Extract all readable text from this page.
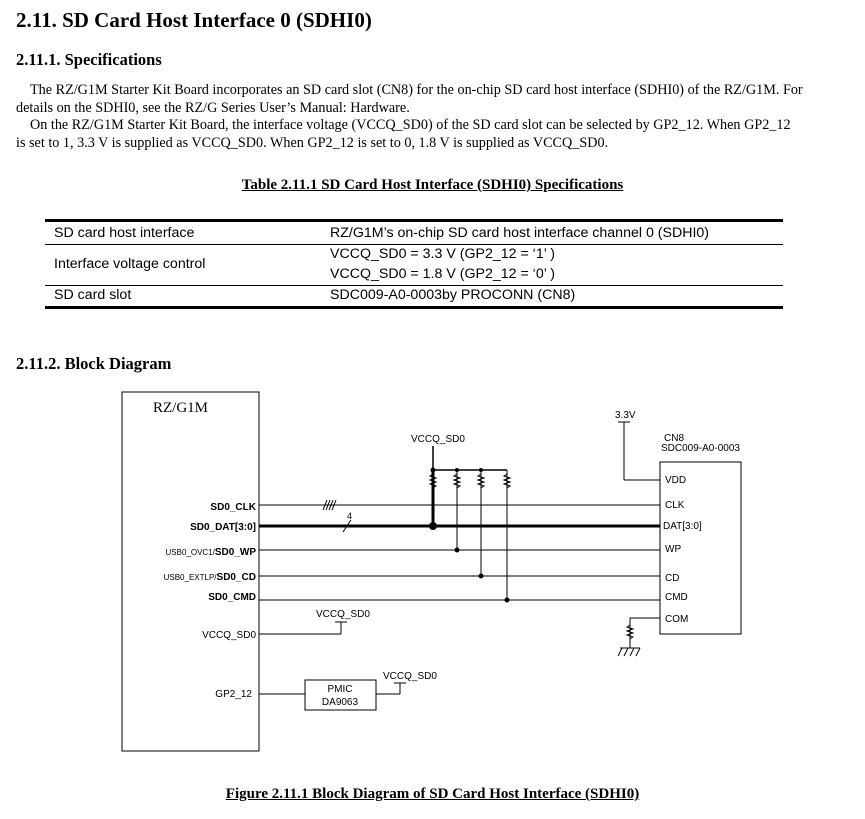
2.11. SD Card Host Interface 0 (SDHI0)
2.11.1. Specifications
The RZ/G1M Starter Kit Board incorporates an SD card slot (CN8) for the on-chip SD card host interface (SDHI0) of the RZ/G1M. For
details on the SDHI0, see the RZ/G Series User’s Manual: Hardware.
On the RZ/G1M Starter Kit Board, the interface voltage (VCCQ_SD0) of the SD card slot can be selected by GP2_12. When GP2_12
is set to 1, 3.3 V is supplied as VCCQ_SD0. When GP2_12 is set to 0, 1.8 V is supplied as VCCQ_SD0.
Table 2.11.1 SD Card Host Interface (SDHI0) Specifications
SD card host interface	RZ/G1M’s on-chip SD card host interface channel 0 (SDHI0)
Interface voltage control
VCCQ_SD0 = 3.3 V (GP2_12 = ‘1’ )
VCCQ_SD0 = 1.8 V (GP2_12 = ‘0’ )
SD card slot	SDC009-A0-0003by PROCONN (CN8)
2.11.2. Block Diagram
RZ/G1M
CN8
SDC009-A0-0003
VDD
CLK
DAT[3:0]
WP
CD
CMD
COM
SD0_CLK
SD0_DAT[3:0]
USB0_OVC1/SD0_WP
USB0_EXTLP/SD0_CD
SD0_CMD
VCCQ_SD0
GP2_12
4
VCCQ_SD0
3.3V
VCCQ_SD0
PMIC
DA9063
VCCQ_SD0
Figure 2.11.1 Block Diagram of SD Card Host Interface (SDHI0)
